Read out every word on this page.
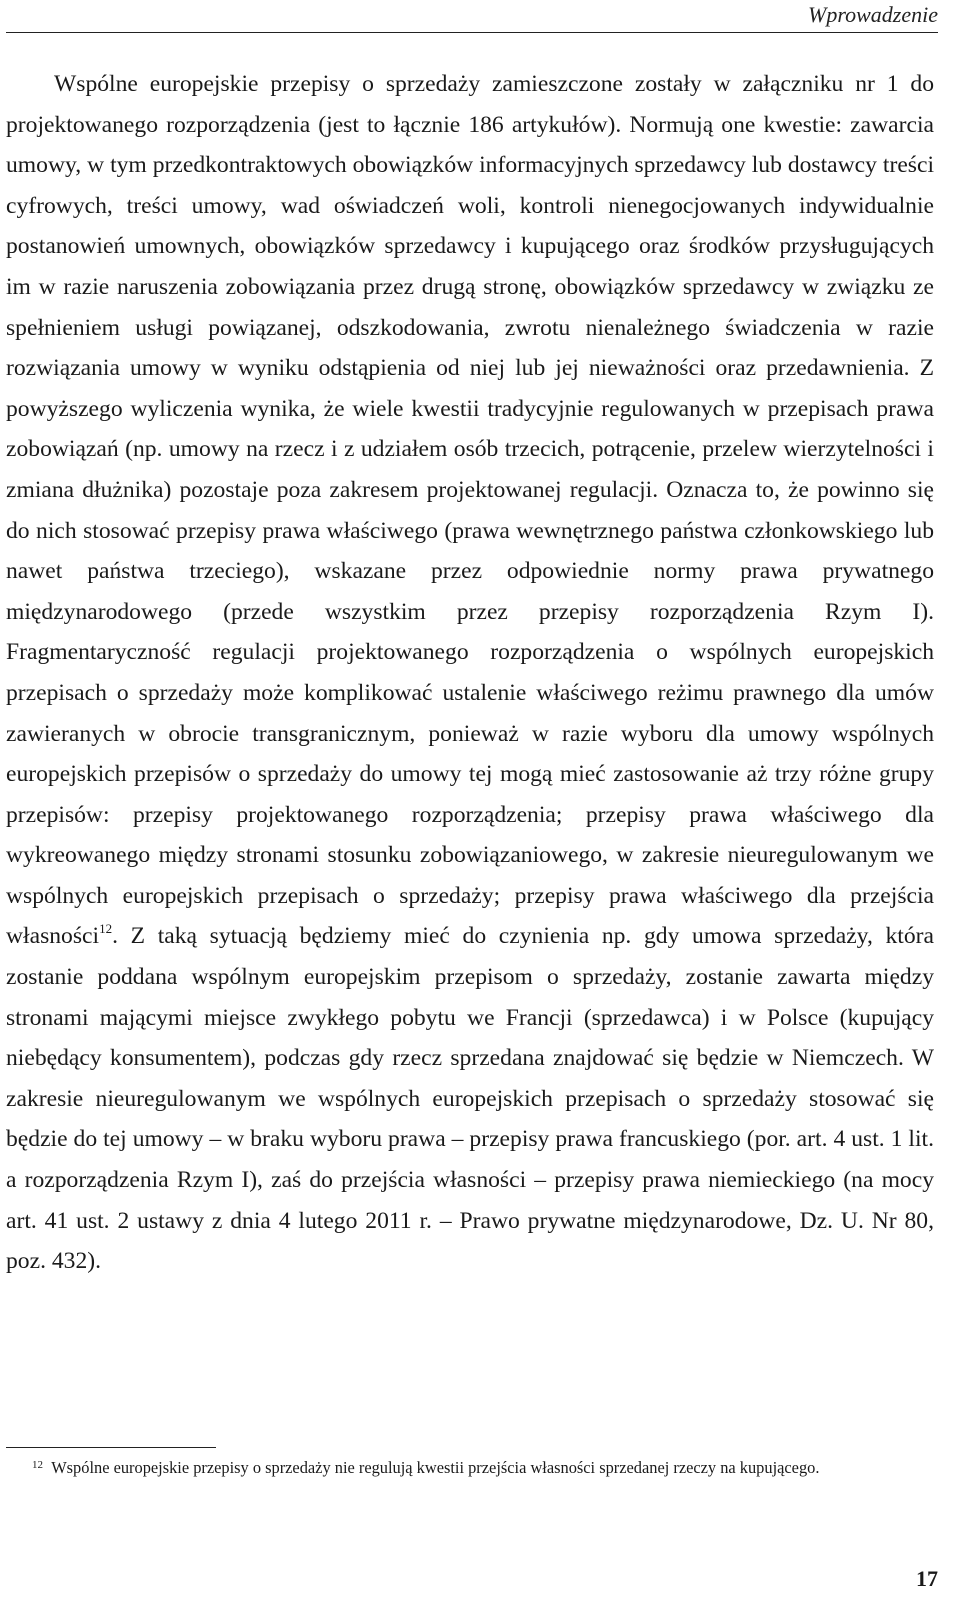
Wprowadzenie

Wspólne europejskie przepisy o sprzedaży zamieszczone zostały w załączniku nr 1 do projektowanego rozporządzenia (jest to łącznie 186 artykułów). Normują one kwestie: zawarcia umowy, w tym przedkontraktowych obowiązków informacyjnych sprzedawcy lub dostawcy treści cyfrowych, treści umowy, wad oświadczeń woli, kontroli nienegocjowanych indywidualnie postanowień umownych, obowiązków sprzedawcy i kupującego oraz środków przysługujących im w razie naruszenia zobowiązania przez drugą stronę, obowiązków sprzedawcy w związku ze spełnieniem usługi powiązanej, odszkodowania, zwrotu nienależnego świadczenia w razie rozwiązania umowy w wyniku odstąpienia od niej lub jej nieważności oraz przedawnienia. Z powyższego wyliczenia wynika, że wiele kwestii tradycyjnie regulowanych w przepisach prawa zobowiązań (np. umowy na rzecz i z udziałem osób trzecich, potrącenie, przelew wierzytelności i zmiana dłużnika) pozostaje poza zakresem projektowanej regulacji. Oznacza to, że powinno się do nich stosować przepisy prawa właściwego (prawa wewnętrznego państwa członkowskiego lub nawet państwa trzeciego), wskazane przez odpowiednie normy prawa prywatnego międzynarodowego (przede wszystkim przez przepisy rozporządzenia Rzym I). Fragmentaryczność regulacji projektowanego rozporządzenia o wspólnych europejskich przepisach o sprzedaży może komplikować ustalenie właściwego reżimu prawnego dla umów zawieranych w obrocie transgranicznym, ponieważ w razie wyboru dla umowy wspólnych europejskich przepisów o sprzedaży do umowy tej mogą mieć zastosowanie aż trzy różne grupy przepisów: przepisy projektowanego rozporządzenia; przepisy prawa właściwego dla wykreowanego między stronami stosunku zobowiązaniowego, w zakresie nieuregulowanym we wspólnych europejskich przepisach o sprzedaży; przepisy prawa właściwego dla przejścia własności$^{12}$. Z taką sytuacją będziemy mieć do czynienia np. gdy umowa sprzedaży, która zostanie poddana wspólnym europejskim przepisom o sprzedaży, zostanie zawarta między stronami mającymi miejsce zwykłego pobytu we Francji (sprzedawca) i w Polsce (kupujący niebędący konsumentem), podczas gdy rzecz sprzedana znajdować się będzie w Niemczech. W zakresie nieuregulowanym we wspólnych europejskich przepisach o sprzedaży stosować się będzie do tej umowy – w braku wyboru prawa – przepisy prawa francuskiego (por. art. 4 ust. 1 lit. a rozporządzenia Rzym I), zaś do przejścia własności – przepisy prawa niemieckiego (na mocy art. 41 ust. 2 ustawy z dnia 4 lutego 2011 r. – Prawo prywatne międzynarodowe, Dz. U. Nr 80, poz. 432).

$^{12}$ Wspólne europejskie przepisy o sprzedaży nie regulują kwestii przejścia własności sprzedanej rzeczy na kupującego.

17
